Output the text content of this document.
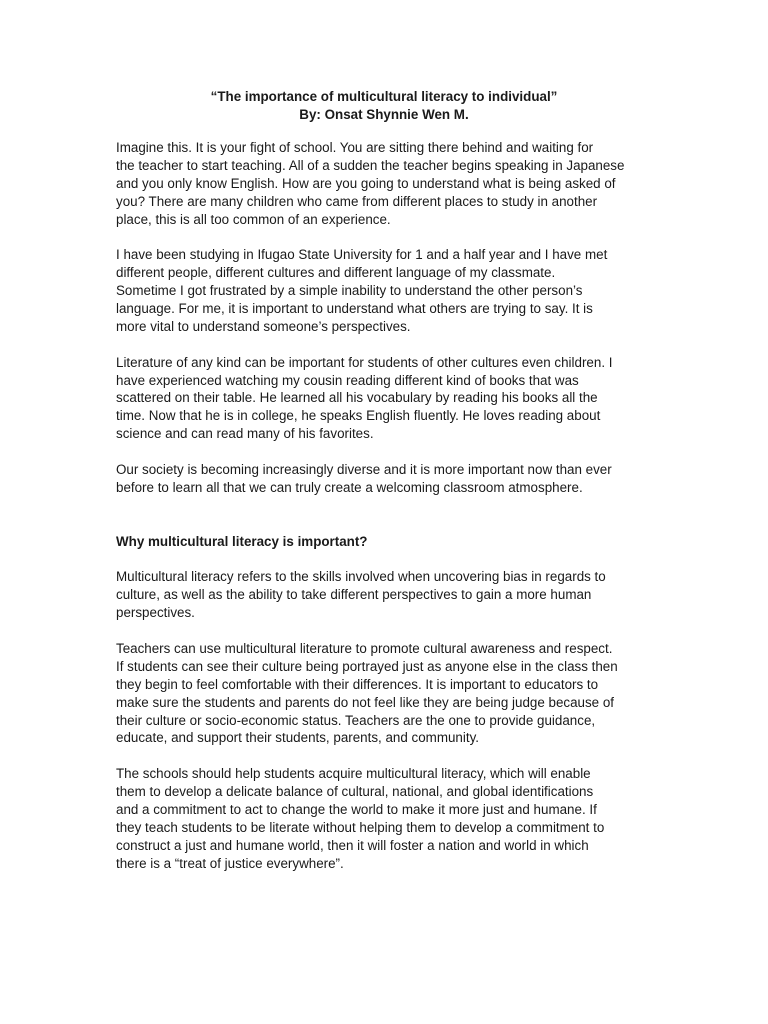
“The importance of multicultural literacy to individual”
By: Onsat Shynnie Wen M.
Imagine this. It is your fight of school. You are sitting there behind and waiting for
the teacher to start teaching. All of a sudden the teacher begins speaking in Japanese
and you only know English. How are you going to understand what is being asked of
you? There are many children who came from different places to study in another
place, this is all too common of an experience.
I have been studying in Ifugao State University for 1 and a half year and I have met
different people, different cultures and different language of my classmate.
Sometime I got frustrated by a simple inability to understand the other person’s
language. For me, it is important to understand what others are trying to say. It is
more vital to understand someone’s perspectives.
Literature of any kind can be important for students of other cultures even children. I
have experienced watching my cousin reading different kind of books that was
scattered on their table. He learned all his vocabulary by reading his books all the
time. Now that he is in college, he speaks English fluently. He loves reading about
science and can read many of his favorites.
Our society is becoming increasingly diverse and it is more important now than ever
before to learn all that we can truly create a welcoming classroom atmosphere.
Why multicultural literacy is important?
Multicultural literacy refers to the skills involved when uncovering bias in regards to
culture, as well as the ability to take different perspectives to gain a more human
perspectives.
Teachers can use multicultural literature to promote cultural awareness and respect.
If students can see their culture being portrayed just as anyone else in the class then
they begin to feel comfortable with their differences. It is important to educators to
make sure the students and parents do not feel like they are being judge because of
their culture or socio-economic status. Teachers are the one to provide guidance,
educate, and support their students, parents, and community.
The schools should help students acquire multicultural literacy, which will enable
them to develop a delicate balance of cultural, national, and global identifications
and a commitment to act to change the world to make it more just and humane. If
they teach students to be literate without helping them to develop a commitment to
construct a just and humane world, then it will foster a nation and world in which
there is a “treat of justice everywhere”.
